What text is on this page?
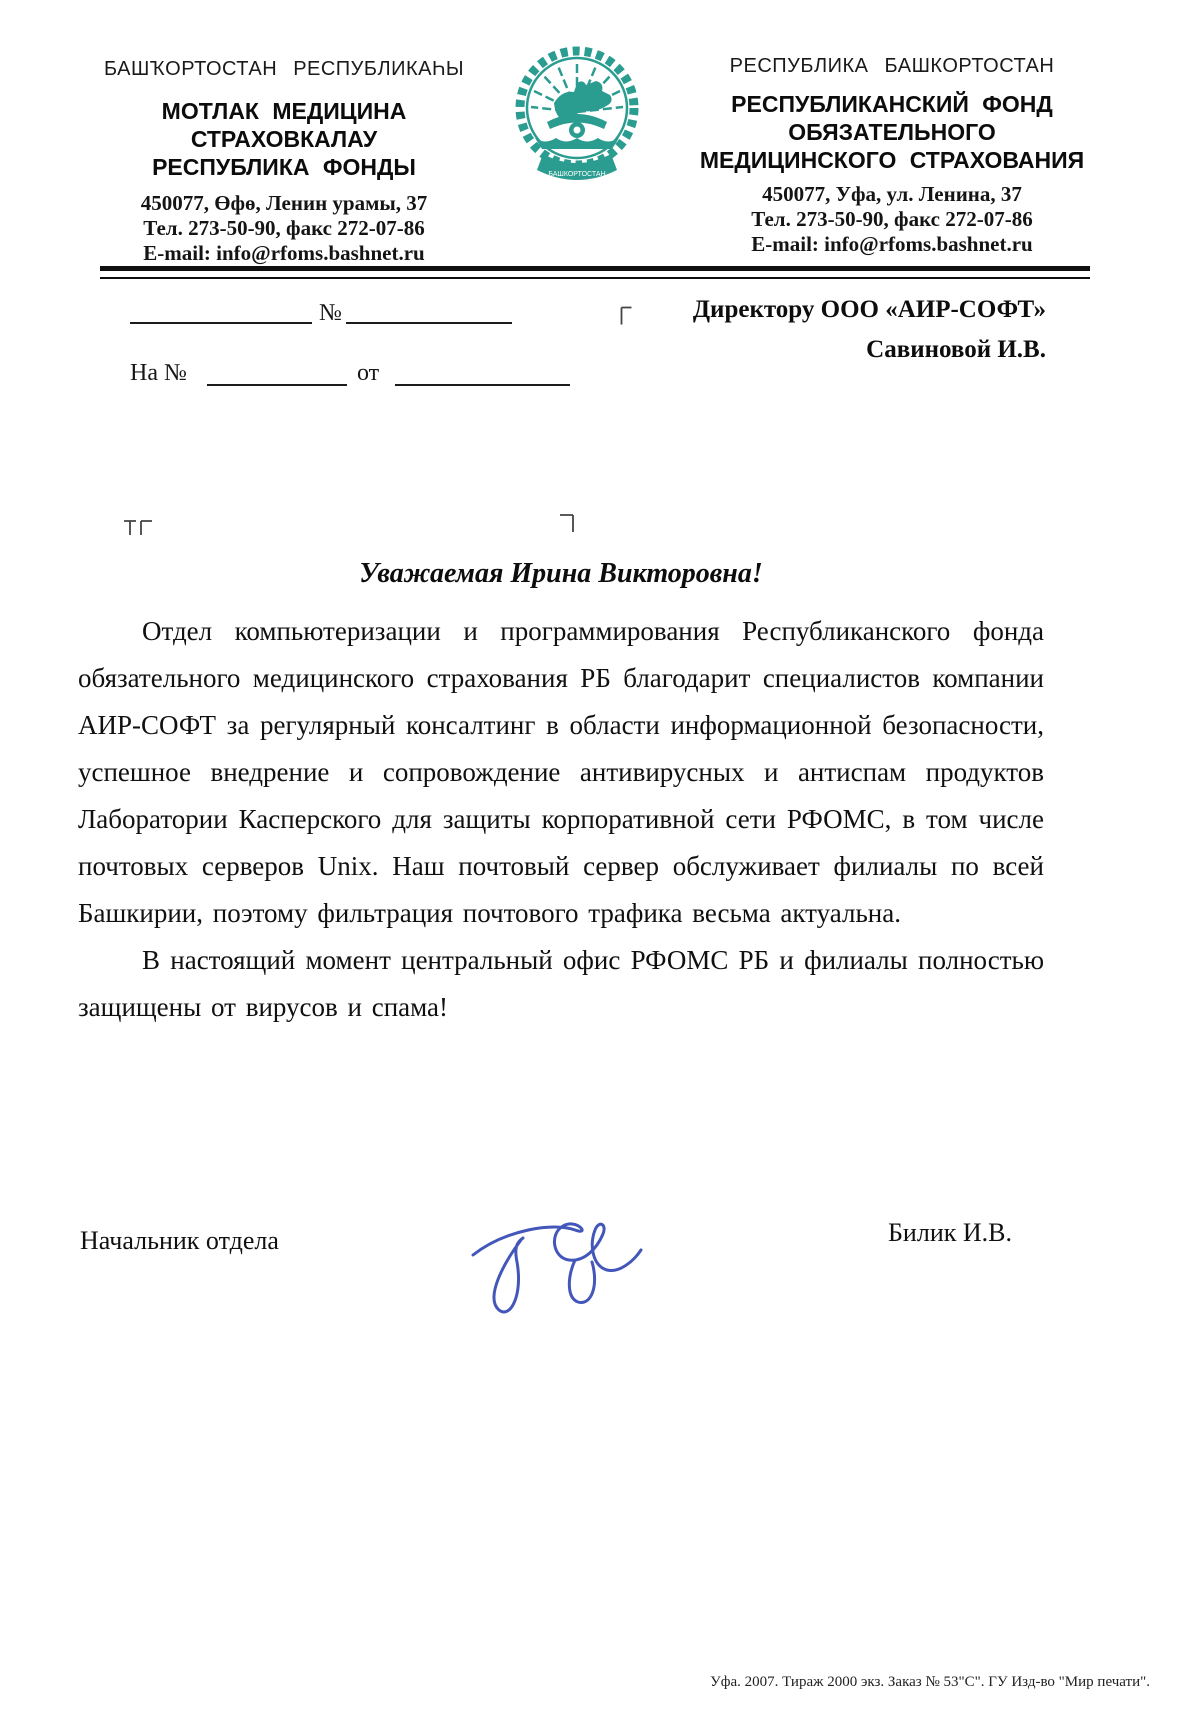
БАШҠОРТОСТАН РЕСПУБЛИКАҺЫ
МОТЛАК МЕДИЦИНА
СТРАХОВКАЛАУ
РЕСПУБЛИКА ФОНДЫ
450077, Өфө, Ленин урамы, 37
Тел. 273-50-90, факс 272-07-86
E-mail: info@rfoms.bashnet.ru
БАШКОРТОСТАН
РЕСПУБЛИКА БАШКОРТОСТАН
РЕСПУБЛИКАНСКИЙ ФОНД
ОБЯЗАТЕЛЬНОГО
МЕДИЦИНСКОГО СТРАХОВАНИЯ
450077, Уфа, ул. Ленина, 37
Тел. 273-50-90, факс 272-07-86
E-mail: info@rfoms.bashnet.ru
№	Директору ООО «АИР-СОФТ»
Савиновой И.В.
На №	от
Уважаемая Ирина Викторовна!

Отдел компьютеризации и программирования Республиканского фонда обязательного медицинского страхования РБ благодарит специалистов компании АИР-СОФТ за регулярный консалтинг в области информационной безопасности, успешное внедрение и сопровождение антивирусных и антиспам продуктов Лаборатории Касперского для защиты корпоративной сети РФОМС, в том числе почтовых серверов Unix. Наш почтовый сервер обслуживает филиалы по всей Башкирии, поэтому фильтрация почтового трафика весьма актуальна.

В настоящий момент центральный офис РФОМС РБ и филиалы полностью защищены от вирусов и спама!

Начальник отдела	Билик И.В.
Уфа. 2007. Тираж 2000 экз. Заказ № 53"С". ГУ Изд-во "Мир печати".
